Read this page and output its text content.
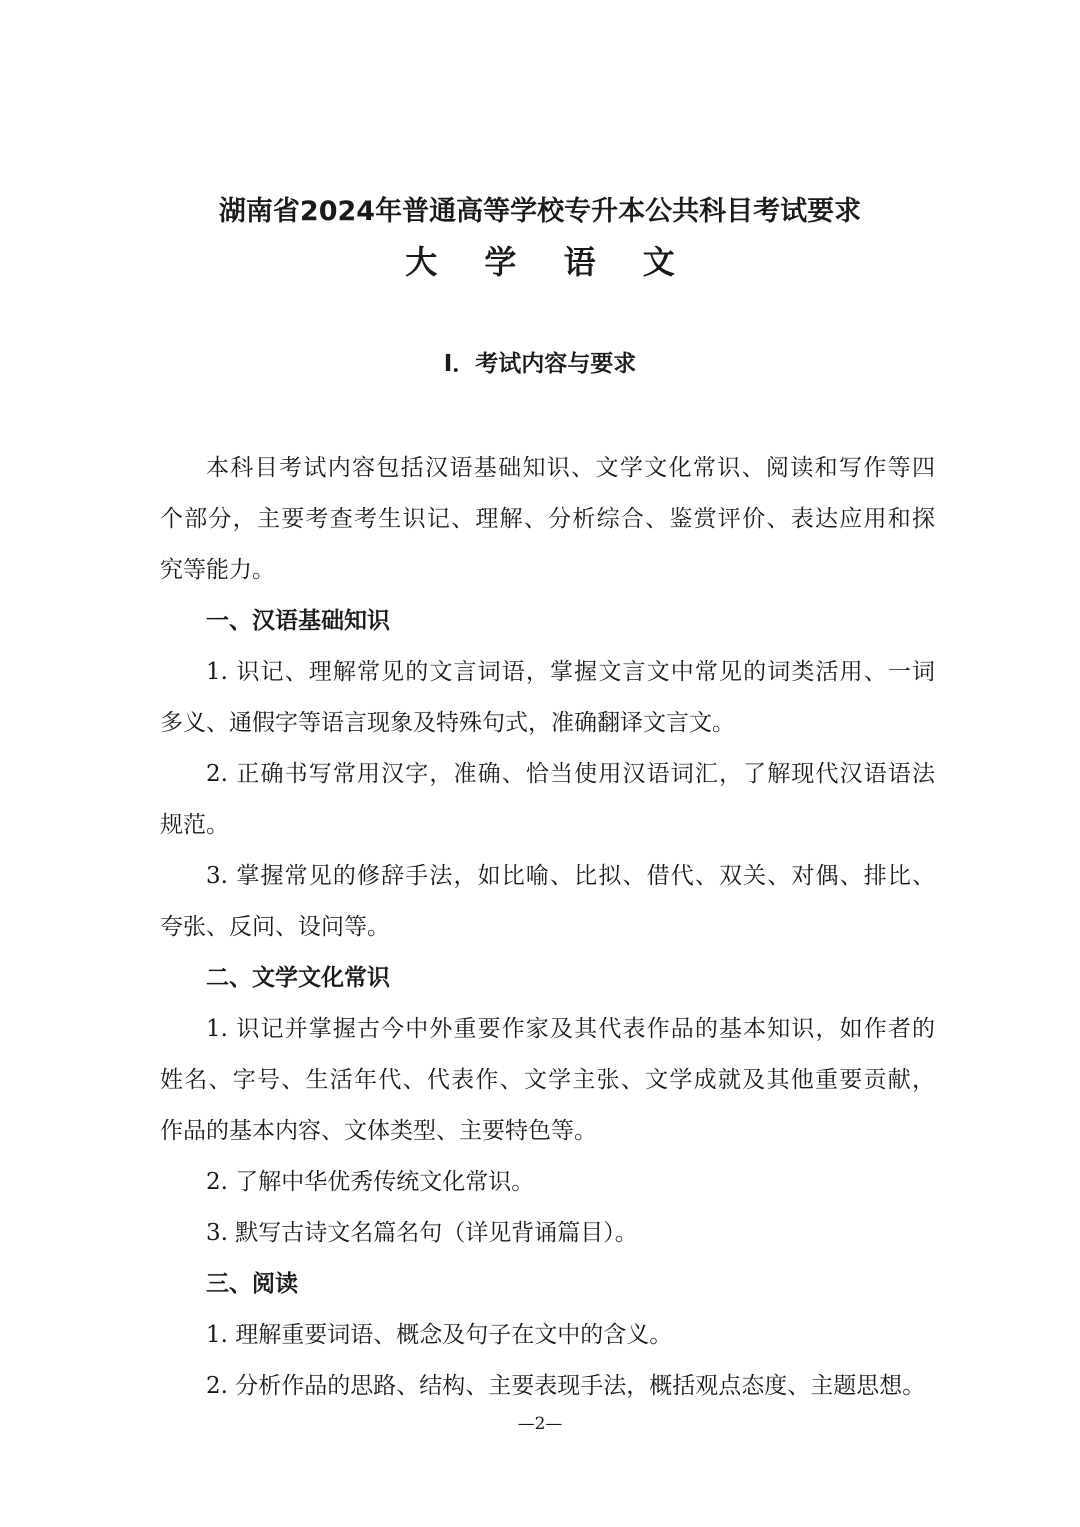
湖南省2024年普通高等学校专升本公共科目考试要求
大 学 语 文
Ⅰ．考试内容与要求
本科目考试内容包括汉语基础知识、文学文化常识、阅读和写作等四
个部分，主要考查考生识记、理解、分析综合、鉴赏评价、表达应用和探
究等能力。
一、汉语基础知识
1. 识记、理解常见的文言词语，掌握文言文中常见的词类活用、一词
多义、通假字等语言现象及特殊句式，准确翻译文言文。
2. 正确书写常用汉字，准确、恰当使用汉语词汇，了解现代汉语语法
规范。
3. 掌握常见的修辞手法，如比喻、比拟、借代、双关、对偶、排比、
夸张、反问、设问等。
二、文学文化常识
1. 识记并掌握古今中外重要作家及其代表作品的基本知识，如作者的
姓名、字号、生活年代、代表作、文学主张、文学成就及其他重要贡献，
作品的基本内容、文体类型、主要特色等。
2. 了解中华优秀传统文化常识。
3. 默写古诗文名篇名句（详见背诵篇目）。
三、阅读
1. 理解重要词语、概念及句子在文中的含义。
2. 分析作品的思路、结构、主要表现手法，概括观点态度、主题思想。
—2—
